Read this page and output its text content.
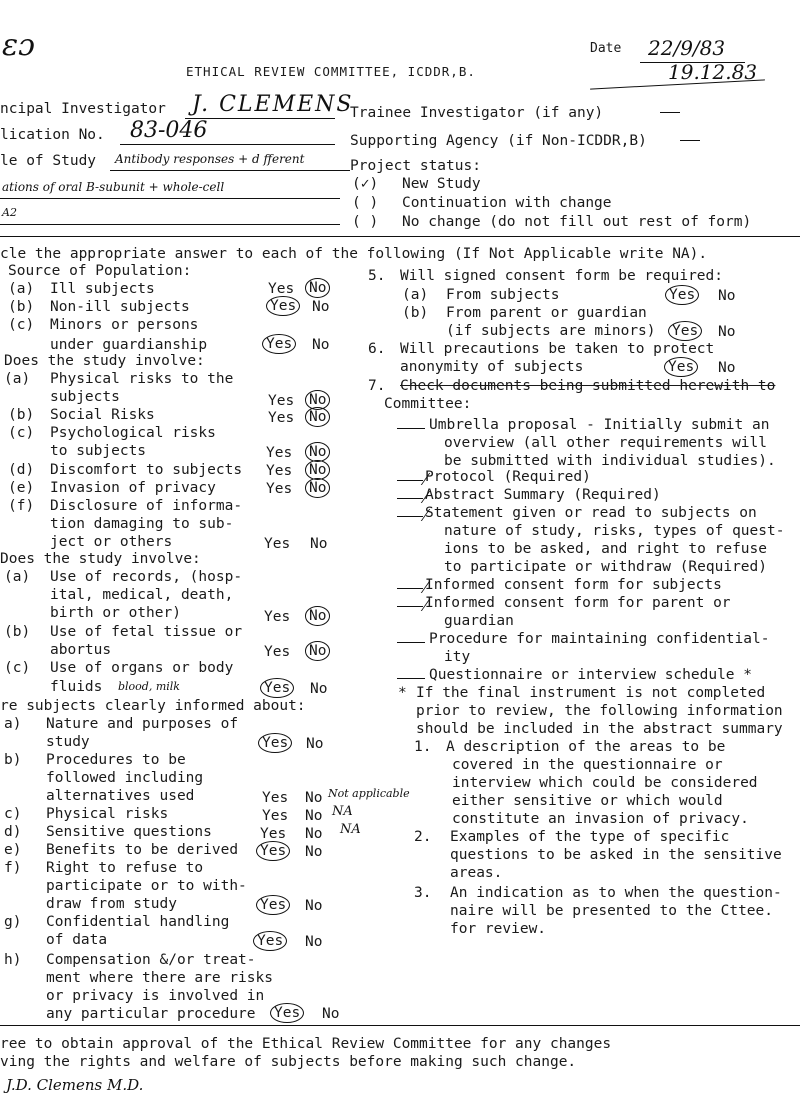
ɛɔ
ETHICAL REVIEW COMMITTEE, ICDDR,B.
Date 22/9/83
19.12.83
ncipal Investigator J. CLEMENS
lication No. 83-046
le of Study Antibody responses + d fferent
ations of oral B-subunit + whole-cell
A2
Trainee Investigator (if any)
Supporting Agency (if Non-ICDDR,B)
Project status:
(✓) New Study
( ) Continuation with change
( ) No change (do not fill out rest of form)
cle the appropriate answer to each of the following (If Not Applicable write NA).
Source of Population:
(a) Ill subjects	Yes No
(b) Non-ill subjects	Yes No
(c) Minors or persons
under guardianship	Yes No
Does the study involve:
(a) Physical risks to the
subjects	Yes No
(b) Social Risks	Yes No
(c) Psychological risks
to subjects	Yes No
(d) Discomfort to subjects Yes No
(e) Invasion of privacy	Yes No
(f) Disclosure of informa-
tion damaging to sub-
ject or others	Yes No
Does the study involve:
(a) Use of records, (hosp-
ital, medical, death,
birth or other)	Yes No
(b) Use of fetal tissue or
abortus	Yes No
(c) Use of organs or body
fluids blood, milk	Yes No
re subjects clearly informed about:
a) Nature and purposes of
study	Yes No
b) Procedures to be
followed including
alternatives used	Yes No Not applicable
c) Physical risks	Yes No NA
d) Sensitive questions	Yes No NA
e) Benefits to be derived Yes No
f) Right to refuse to
participate or to with-
draw from study	Yes No
g) Confidential handling
of data	Yes No
h) Compensation &/or treat-
ment where there are risks
or privacy is involved in
any particular procedure Yes No
5. Will signed consent form be required:
(a) From subjects	Yes No
(b) From parent or guardian
(if subjects are minors) Yes No
6. Will precautions be taken to protect
anonymity of subjects	Yes No
7. Check documents being submitted herewith to
Committee:
Umbrella proposal - Initially submit an
overview (all other requirements will
be submitted with individual studies).
Protocol (Required)
Abstract Summary (Required)
Statement given or read to subjects on
nature of study, risks, types of quest-
ions to be asked, and right to refuse
to participate or withdraw (Required)
Informed consent form for subjects
Informed consent form for parent or
guardian
Procedure for maintaining confidential-
ity
Questionnaire or interview schedule *
* If the final instrument is not completed
prior to review, the following information
should be included in the abstract summary
1. A description of the areas to be
covered in the questionnaire or
interview which could be considered
either sensitive or which would
constitute an invasion of privacy.
2. Examples of the type of specific
questions to be asked in the sensitive
areas.
3. An indication as to when the question-
naire will be presented to the Cttee.
for review.
ree to obtain approval of the Ethical Review Committee for any changes
ving the rights and welfare of subjects before making such change.
J.D. Clemens M.D.
